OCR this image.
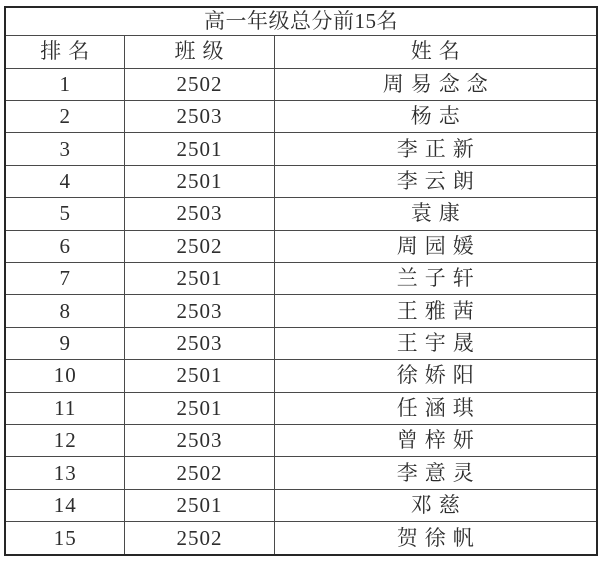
高一年级总分前15名		
排名	班级	姓名
1	2502	周易念念
2	2503	杨志
3	2501	李正新
4	2501	李云朗
5	2503	袁康
6	2502	周园媛
7	2501	兰子轩
8	2503	王雅茜
9	2503	王宇晟
10	2501	徐娇阳
11	2501	任涵琪
12	2503	曾梓妍
13	2502	李意灵
14	2501	邓慈
15	2502	贺徐帆
